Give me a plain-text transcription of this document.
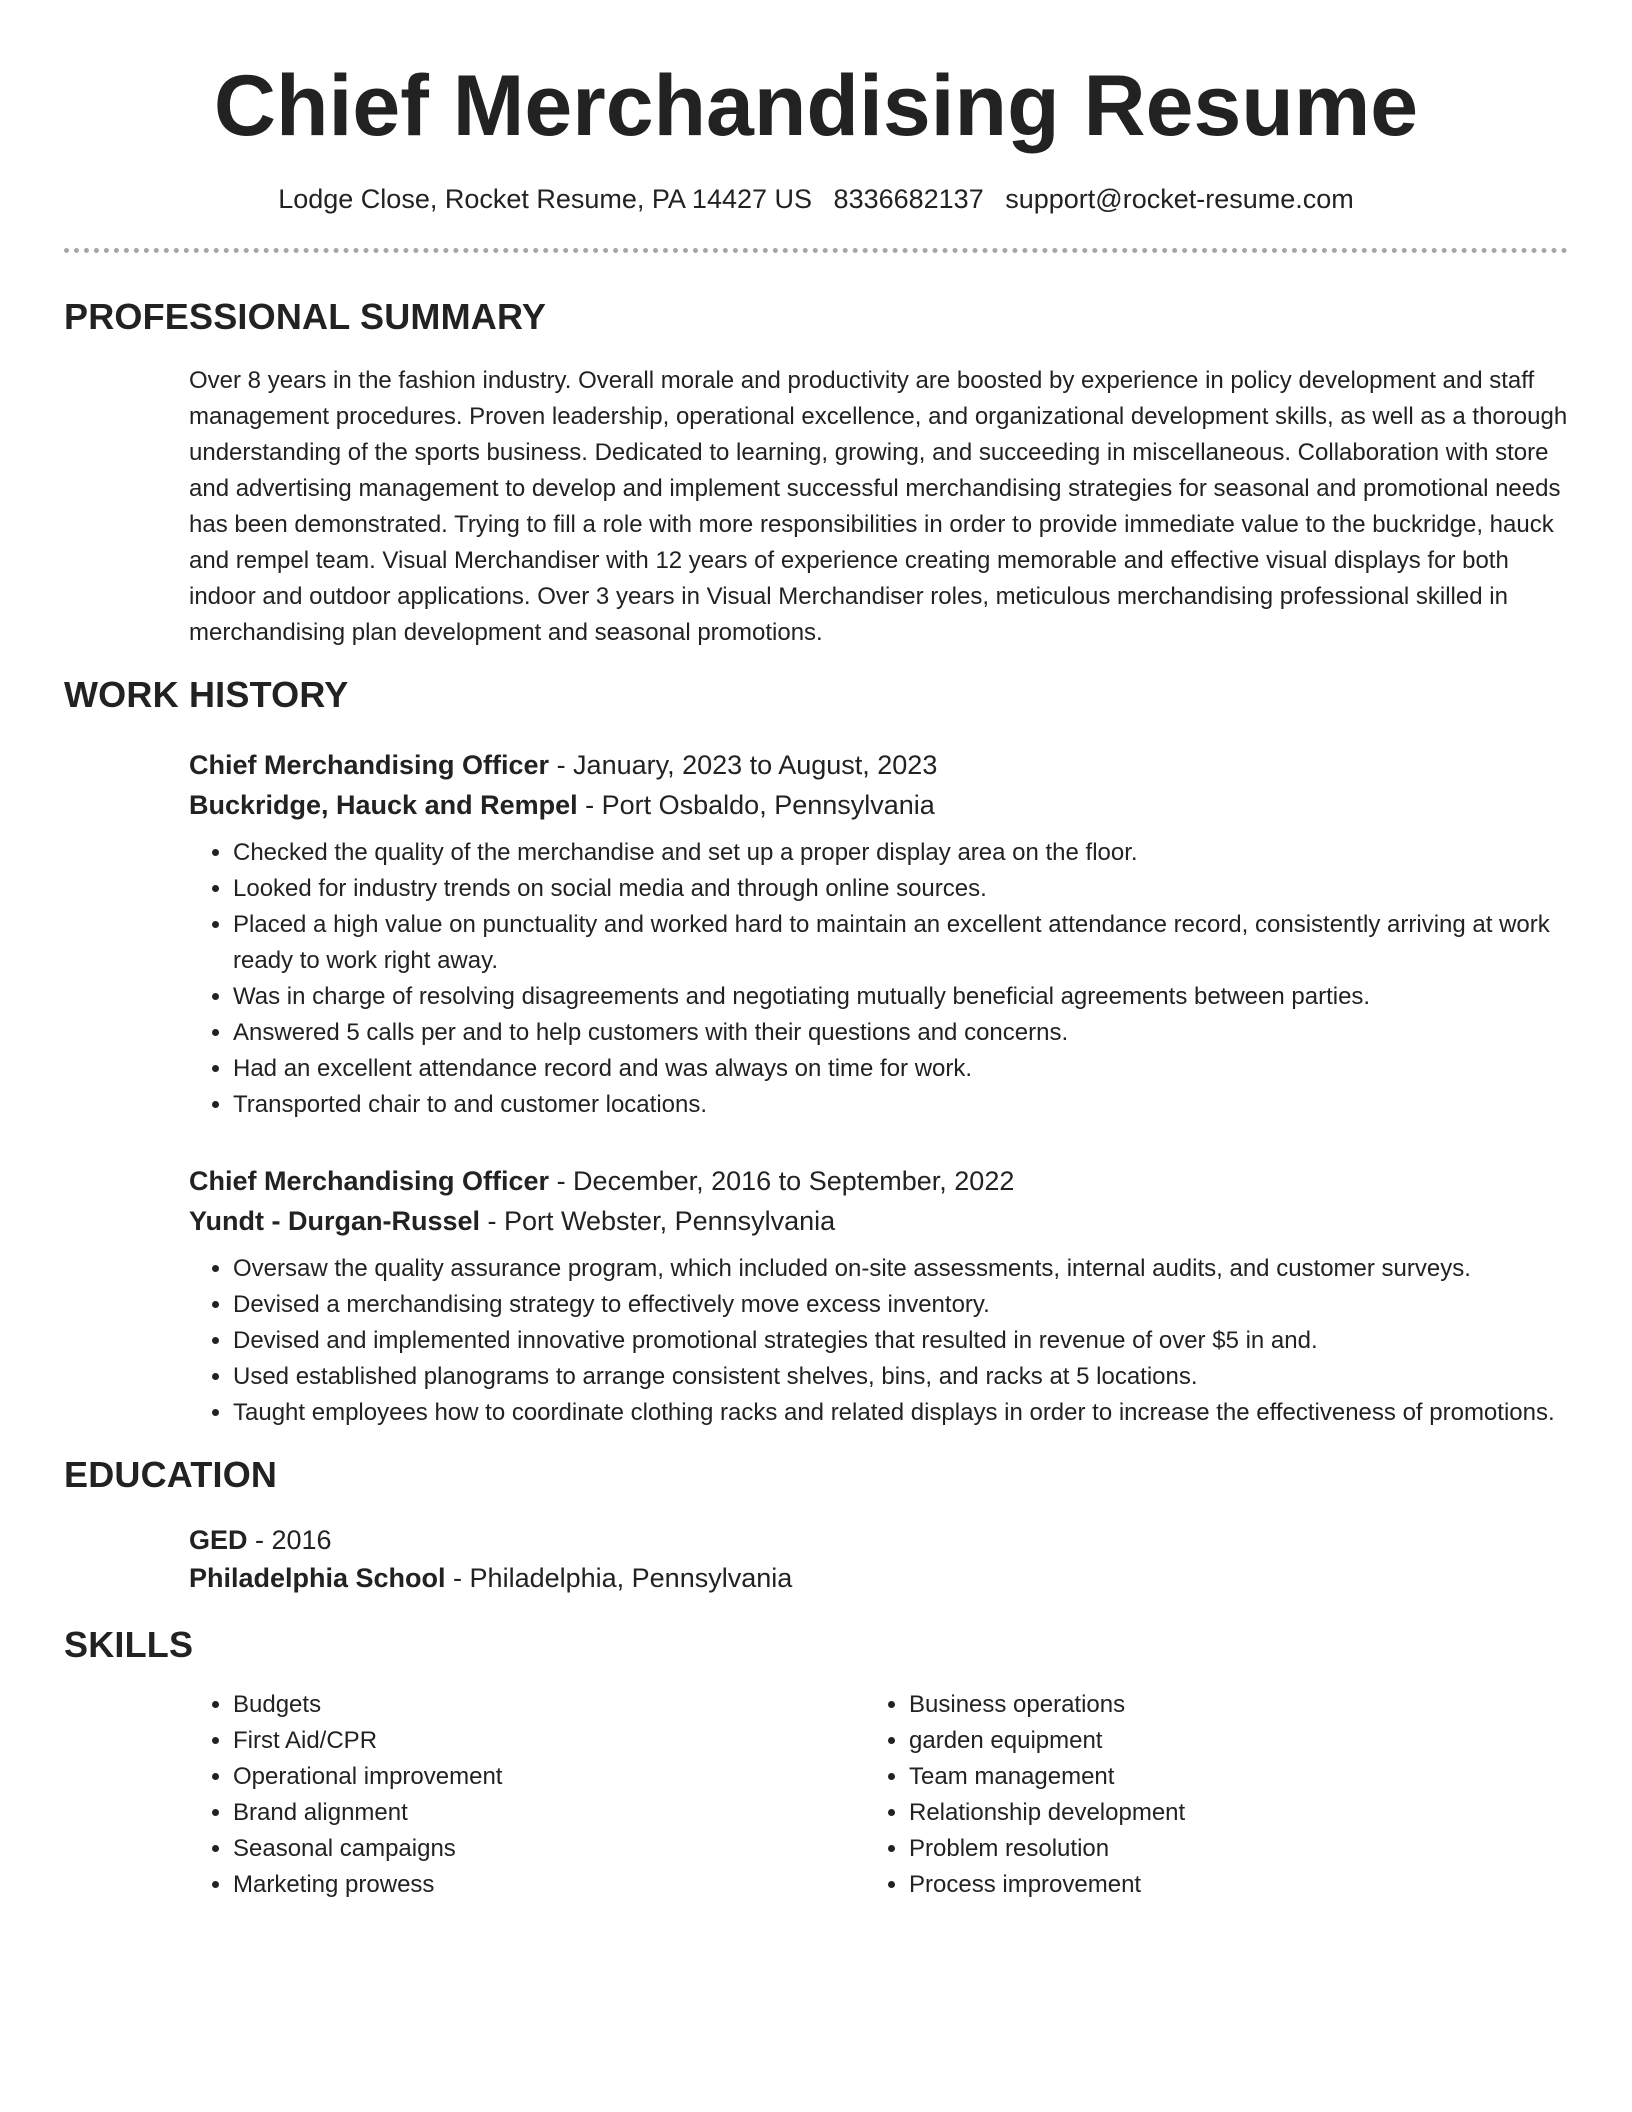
Chief Merchandising Resume
Lodge Close, Rocket Resume, PA 14427 US 8336682137 support@rocket-resume.com
PROFESSIONAL SUMMARY
Over 8 years in the fashion industry. Overall morale and productivity are boosted by experience in policy development and staff management procedures. Proven leadership, operational excellence, and organizational development skills, as well as a thorough understanding of the sports business. Dedicated to learning, growing, and succeeding in miscellaneous. Collaboration with store and advertising management to develop and implement successful merchandising strategies for seasonal and promotional needs has been demonstrated. Trying to fill a role with more responsibilities in order to provide immediate value to the buckridge, hauck and rempel team. Visual Merchandiser with 12 years of experience creating memorable and effective visual displays for both indoor and outdoor applications. Over 3 years in Visual Merchandiser roles, meticulous merchandising professional skilled in merchandising plan development and seasonal promotions.
WORK HISTORY
Chief Merchandising Officer - January, 2023 to August, 2023
Buckridge, Hauck and Rempel - Port Osbaldo, Pennsylvania
• Checked the quality of the merchandise and set up a proper display area on the floor.
• Looked for industry trends on social media and through online sources.
• Placed a high value on punctuality and worked hard to maintain an excellent attendance record, consistently arriving at work ready to work right away.
• Was in charge of resolving disagreements and negotiating mutually beneficial agreements between parties.
• Answered 5 calls per and to help customers with their questions and concerns.
• Had an excellent attendance record and was always on time for work.
• Transported chair to and customer locations.
Chief Merchandising Officer - December, 2016 to September, 2022
Yundt - Durgan-Russel - Port Webster, Pennsylvania
• Oversaw the quality assurance program, which included on-site assessments, internal audits, and customer surveys.
• Devised a merchandising strategy to effectively move excess inventory.
• Devised and implemented innovative promotional strategies that resulted in revenue of over $5 in and.
• Used established planograms to arrange consistent shelves, bins, and racks at 5 locations.
• Taught employees how to coordinate clothing racks and related displays in order to increase the effectiveness of promotions.
EDUCATION
GED - 2016
Philadelphia School - Philadelphia, Pennsylvania
SKILLS
• Budgets
• First Aid/CPR
• Operational improvement
• Brand alignment
• Seasonal campaigns
• Marketing prowess
• Business operations
• garden equipment
• Team management
• Relationship development
• Problem resolution
• Process improvement
